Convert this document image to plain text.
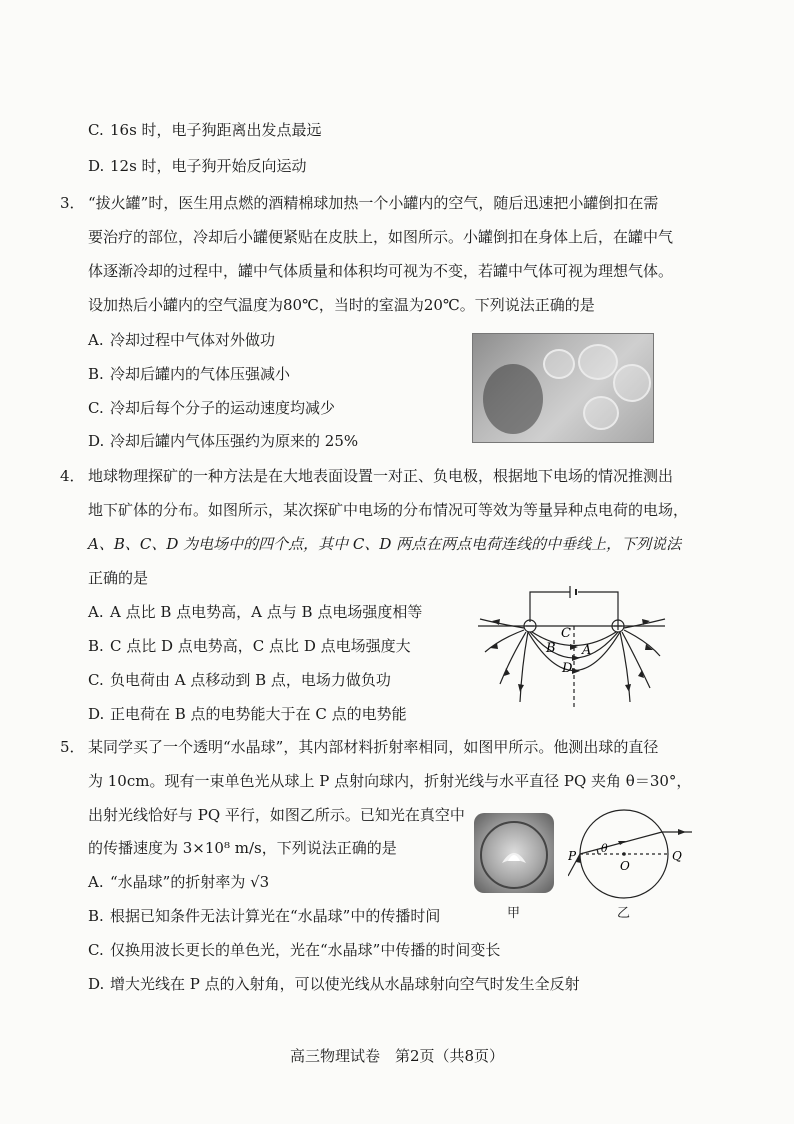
C. 16s 时，电子狗距离出发点最远
D. 12s 时，电子狗开始反向运动
3． “拔火罐”时，医生用点燃的酒精棉球加热一个小罐内的空气，随后迅速把小罐倒扣在需
要治疗的部位，冷却后小罐便紧贴在皮肤上，如图所示。小罐倒扣在身体上后，在罐中气
体逐渐冷却的过程中，罐中气体质量和体积均可视为不变，若罐中气体可视为理想气体。
设加热后小罐内的空气温度为80℃，当时的室温为20℃。下列说法正确的是
A. 冷却过程中气体对外做功
B. 冷却后罐内的气体压强减小
C. 冷却后每个分子的运动速度均减少
D. 冷却后罐内气体压强约为原来的 25%
4． 地球物理探矿的一种方法是在大地表面设置一对正、负电极，根据地下电场的情况推测出
地下矿体的分布。如图所示，某次探矿中电场的分布情况可等效为等量异种点电荷的电场，
A、B、C、D 为电场中的四个点，其中 C、D 两点在两点电荷连线的中垂线上，下列说法
正确的是
A. A 点比 B 点电势高，A 点与 B 点电场强度相等
B. C 点比 D 点电势高，C 点比 D 点电场强度大
C. 负电荷由 A 点移动到 B 点，电场力做负功
D. 正电荷在 B 点的电势能大于在 C 点的电势能
C
B A
D
5． 某同学买了一个透明“水晶球”，其内部材料折射率相同，如图甲所示。他测出球的直径
为 10cm。现有一束单色光从球上 P 点射向球内，折射光线与水平直径 PQ 夹角 θ＝30°，
出射光线恰好与 PQ 平行，如图乙所示。已知光在真空中
的传播速度为 3×10⁸ m/s，下列说法正确的是
A. “水晶球”的折射率为 √3
B. 根据已知条件无法计算光在“水晶球”中的传播时间
C. 仅换用波长更长的单色光，光在“水晶球”中传播的时间变长
D. 增大光线在 P 点的入射角，可以使光线从水晶球射向空气时发生全反射
甲
P	Q
O
θ
乙
高三物理试卷　第2页（共8页）
